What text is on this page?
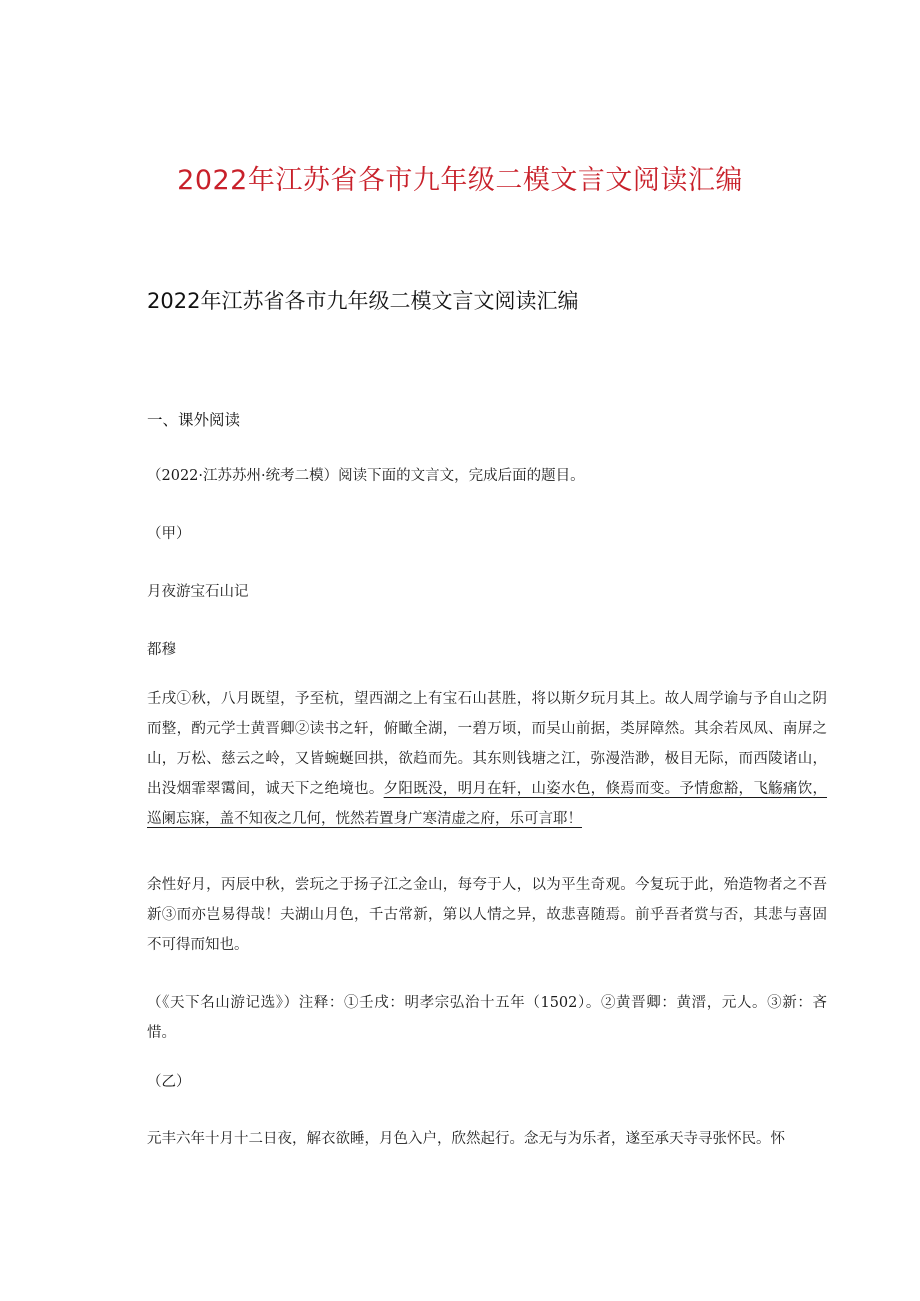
2022年江苏省各市九年级二模文言文阅读汇编
2022年江苏省各市九年级二模文言文阅读汇编
一、课外阅读

（2022·江苏苏州·统考二模）阅读下面的文言文，完成后面的题目。

（甲）

月夜游宝石山记

都穆

壬戌①秋，八月既望，予至杭，望西湖之上有宝石山甚胜，将以斯夕玩月其上。故人周学谕与予自山之阴而整，酌元学士黄晋卿②读书之轩，俯瞰全湖，一碧万顷，而吴山前据，类屏障然。其余若凤凤、南屏之山，万松、慈云之岭，又皆蜿蜒回拱，欲趋而先。其东则钱塘之江，弥漫浩渺，极目无际，而西陵诸山，出没烟霏翠霭间，诚天下之绝境也。夕阳既没，明月在轩，山姿水色，倏焉而变。予情愈豁，飞觞痛饮，巡阑忘寐，盖不知夜之几何，恍然若置身广寒清虚之府，乐可言耶！

余性好月，丙辰中秋，尝玩之于扬子江之金山，每夸于人，以为平生奇观。今复玩于此，殆造物者之不吾新③而亦岂易得哉！夫湖山月色，千古常新，第以人情之异，故悲喜随焉。前乎吾者赏与否，其悲与喜固不可得而知也。

（《天下名山游记选》）注释：①壬戌：明孝宗弘治十五年（1502）。②黄晋卿：黄溍，元人。③新：吝惜。

（乙）

元丰六年十月十二日夜，解衣欲睡，月色入户，欣然起行。念无与为乐者，遂至承天寺寻张怀民。怀
